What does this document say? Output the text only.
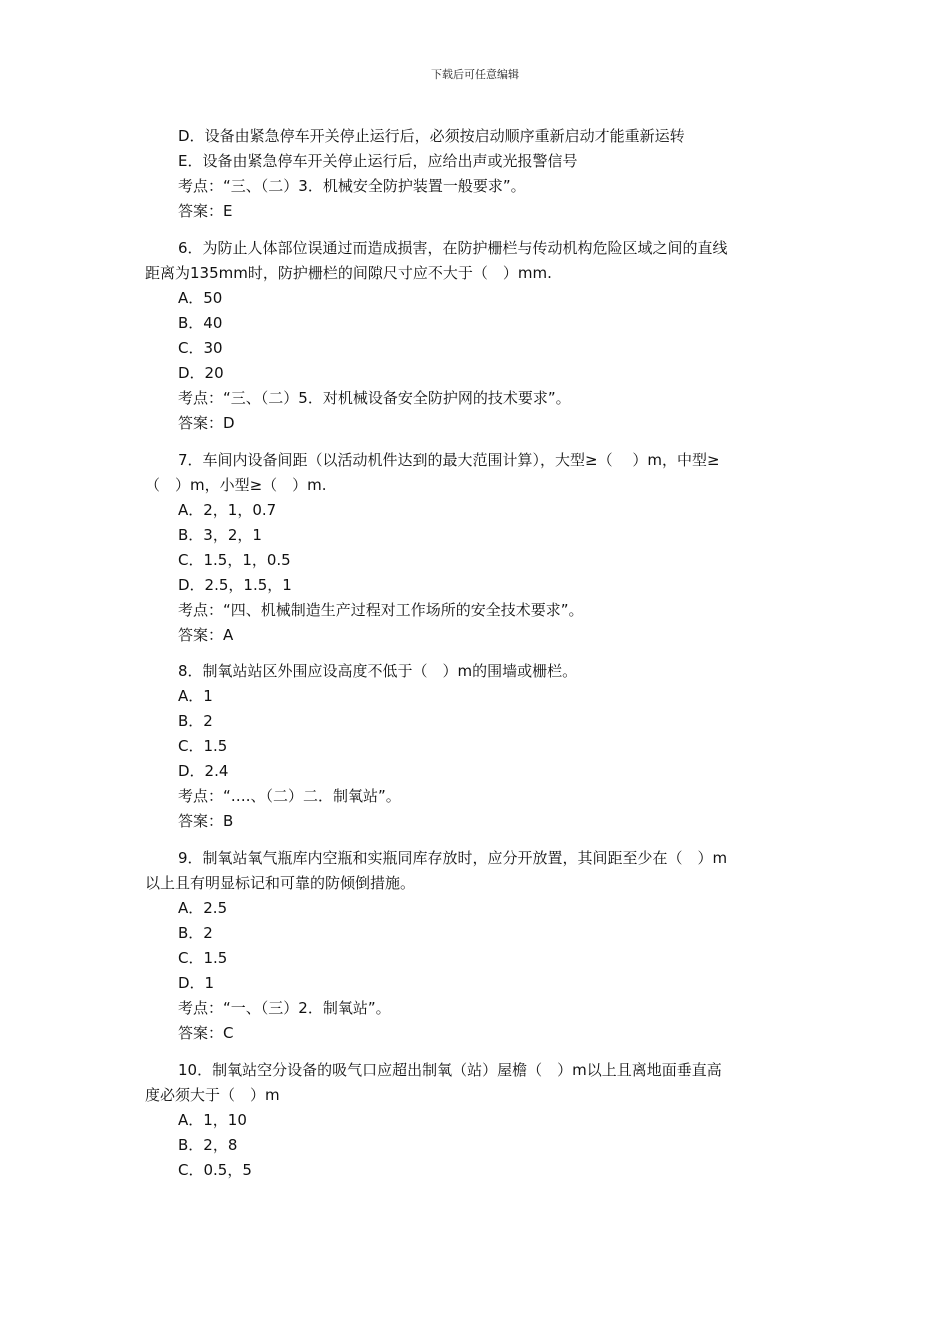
下载后可任意编辑
D．设备由紧急停车开关停止运行后，必须按启动顺序重新启动才能重新运转
E．设备由紧急停车开关停止运行后，应给出声或光报警信号
考点：“三、（二）3．机械安全防护装置一般要求”。
答案：E
6．为防止人体部位误通过而造成损害，在防护栅栏与传动机构危险区域之间的直线
距离为135mm时，防护栅栏的间隙尺寸应不大于（　）mm.
A．50
B．40
C．30
D．20
考点：“三、（二）5．对机械设备安全防护网的技术要求”。
答案：D
7．车间内设备间距（以活动机件达到的最大范围计算），大型≥（　 ）m，中型≥
（　）m，小型≥（　）m.
A．2，1，0.7
B．3，2，1
C．1.5，1，0.5
D．2.5，1.5，1
考点：“四、机械制造生产过程对工作场所的安全技术要求”。
答案：A
8．制氧站站区外围应设高度不低于（　）m的围墙或栅栏。
A．1
B．2
C．1.5
D．2.4
考点：“….、（二）二．制氧站”。
答案：B
9．制氧站氧气瓶库内空瓶和实瓶同库存放时，应分开放置，其间距至少在（　）m
以上且有明显标记和可靠的防倾倒措施。
A．2.5
B．2
C．1.5
D．1
考点：“一、（三）2．制氧站”。
答案：C
10．制氧站空分设备的吸气口应超出制氧（站）屋檐（　）m以上且离地面垂直高
度必须大于（　）m
A．1，10
B．2，8
C．0.5，5
